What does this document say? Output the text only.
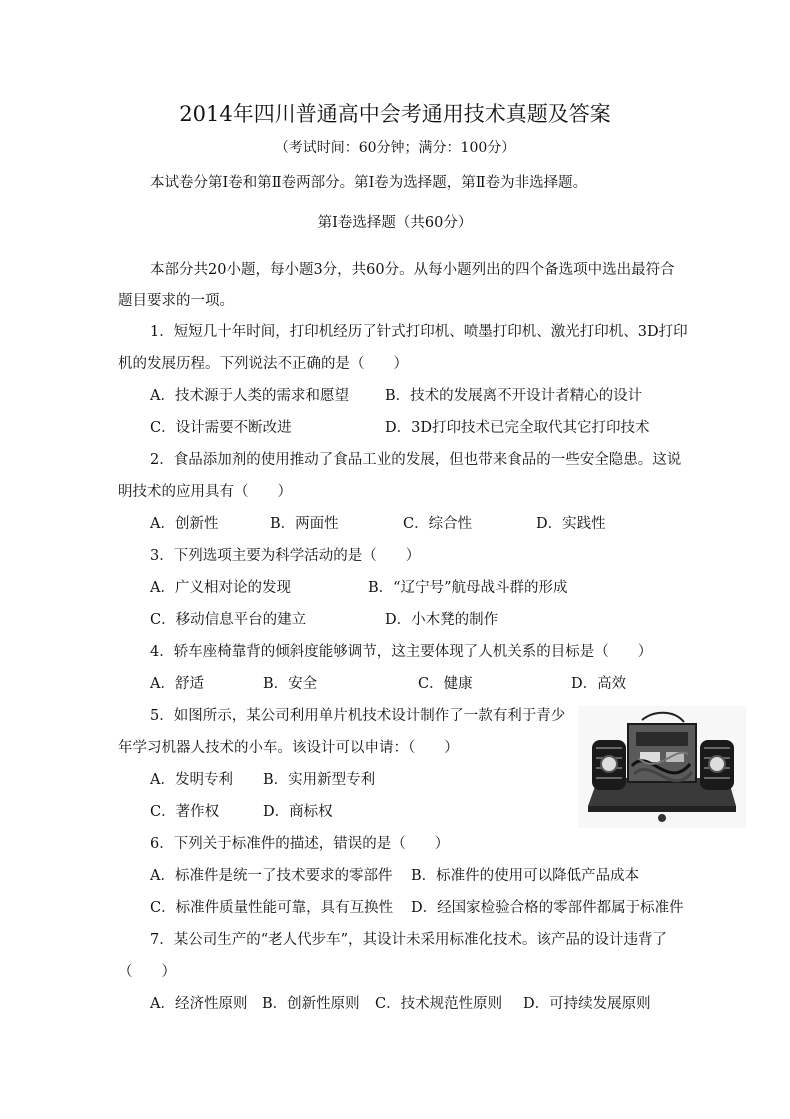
2014年四川普通高中会考通用技术真题及答案
（考试时间：60分钟；满分：100分）
本试卷分第Ⅰ卷和第Ⅱ卷两部分。第Ⅰ卷为选择题，第Ⅱ卷为非选择题。
第Ⅰ卷选择题（共60分）
本部分共20小题，每小题3分，共60分。从每小题列出的四个备选项中选出最符合
题目要求的一项。
1．短短几十年时间，打印机经历了针式打印机、喷墨打印机、激光打印机、3D打印
机的发展历程。下列说法不正确的是（　　）
A．技术源于人类的需求和愿望 B．技术的发展离不开设计者精心的设计
C．设计需要不断改进	D．3D打印技术已完全取代其它打印技术
2．食品添加剂的使用推动了食品工业的发展，但也带来食品的一些安全隐患。这说
明技术的应用具有（　　）
A．创新性	B．两面性	C．综合性	D．实践性
3．下列选项主要为科学活动的是（　　）
A．广义相对论的发现	B．“辽宁号”航母战斗群的形成
C．移动信息平台的建立	D．小木凳的制作
4．轿车座椅靠背的倾斜度能够调节，这主要体现了人机关系的目标是（　　）
A．舒适	B．安全	C．健康	D．高效
5．如图所示，某公司利用单片机技术设计制作了一款有利于青少
年学习机器人技术的小车。该设计可以申请：（　　）
A．发明专利 B．实用新型专利
C．著作权	D．商标权
6．下列关于标准件的描述，错误的是（　　）
A．标准件是统一了技术要求的零部件 B．标准件的使用可以降低产品成本
C．标准件质量性能可靠，具有互换性 D．经国家检验合格的零部件都属于标准件
7．某公司生产的“老人代步车”，其设计未采用标准化技术。该产品的设计违背了
（　　）
A．经济性原则 B．创新性原则 C．技术规范性原则 D．可持续发展原则
